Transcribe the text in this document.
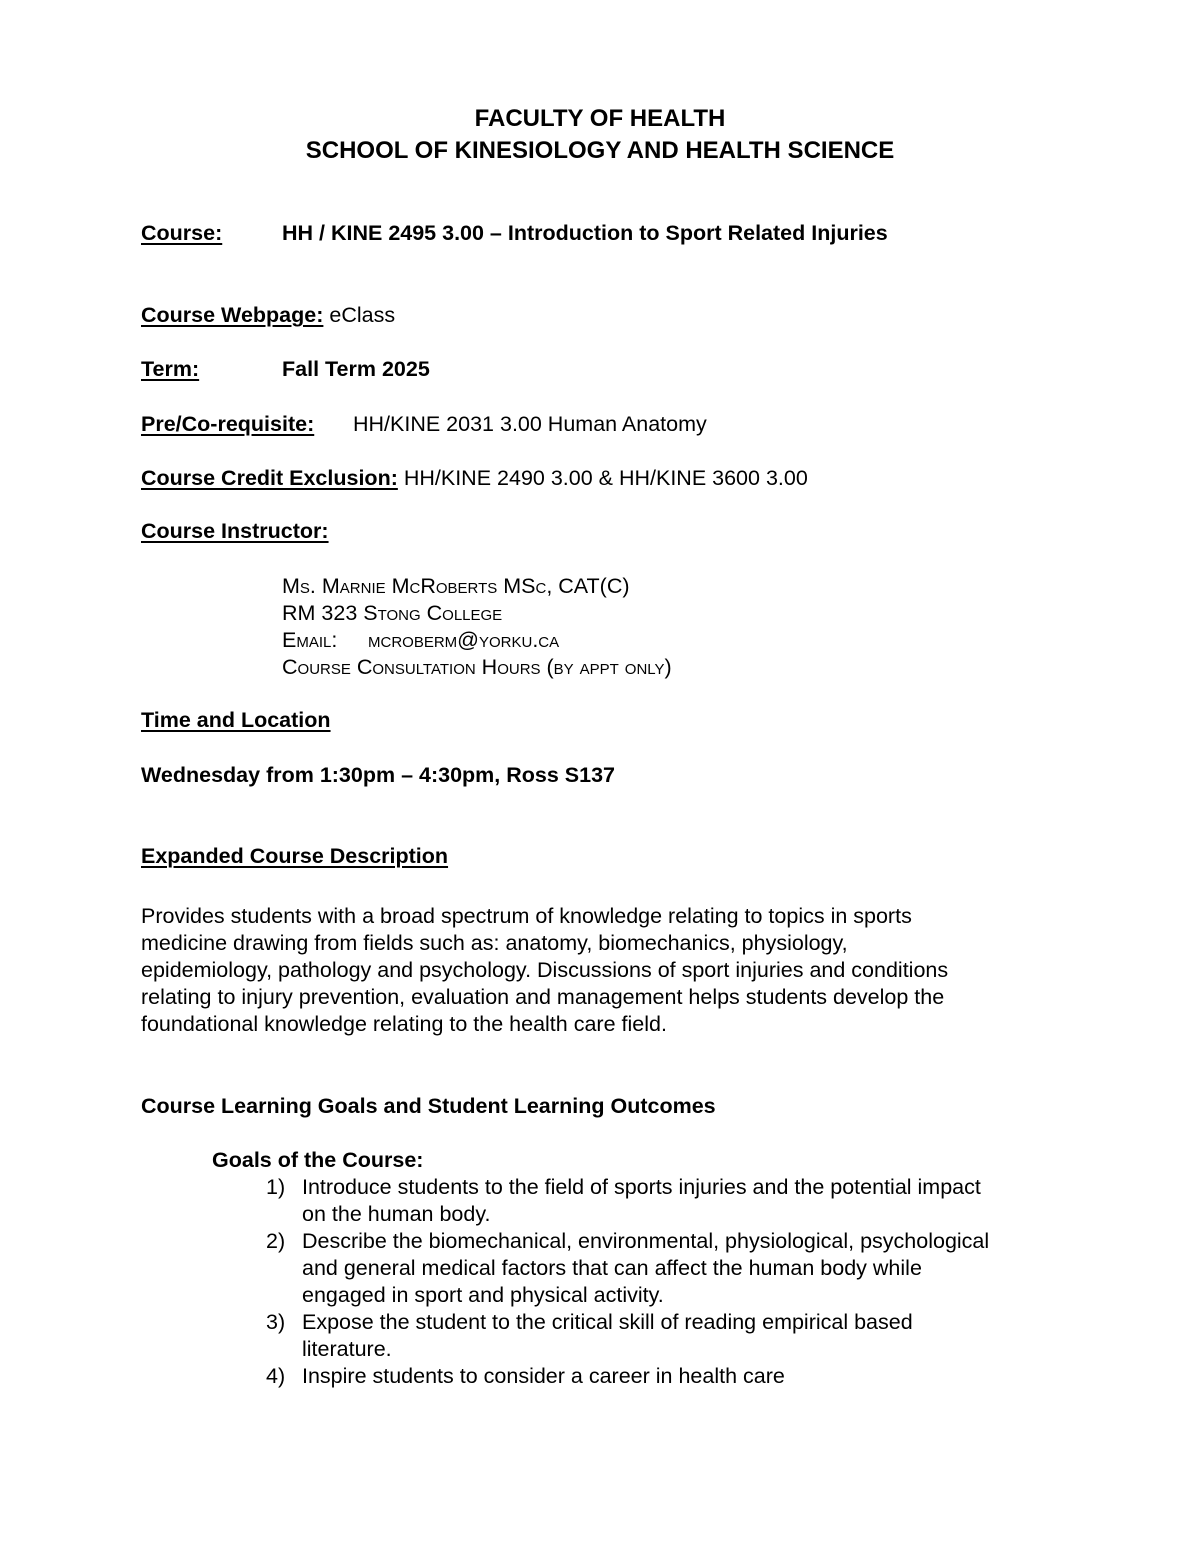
FACULTY OF HEALTH
SCHOOL OF KINESIOLOGY AND HEALTH SCIENCE
Course:	HH / KINE 2495 3.00 – Introduction to Sport Related Injuries
Course Webpage: eClass
Term:	Fall Term 2025
Pre/Co-requisite: HH/KINE 2031 3.00 Human Anatomy
Course Credit Exclusion: HH/KINE 2490 3.00 & HH/KINE 3600 3.00
Course Instructor:
Ms. Marnie McRoberts MSc, CAT(C)
RM 323 Stong College
Email: mcroberm@yorku.ca
Course Consultation Hours (by appt only)
Time and Location
Wednesday from 1:30pm – 4:30pm, Ross S137
Expanded Course Description

Provides students with a broad spectrum of knowledge relating to topics in sports

medicine drawing from fields such as: anatomy, biomechanics, physiology,

epidemiology, pathology and psychology. Discussions of sport injuries and conditions

relating to injury prevention, evaluation and management helps students develop the

foundational knowledge relating to the health care field.

Course Learning Goals and Student Learning Outcomes
Goals of the Course:
1) Introduce students to the field of sports injuries and the potential impact
on the human body.
2) Describe the biomechanical, environmental, physiological, psychological
and general medical factors that can affect the human body while
engaged in sport and physical activity.
3) Expose the student to the critical skill of reading empirical based
literature.
4) Inspire students to consider a career in health care
